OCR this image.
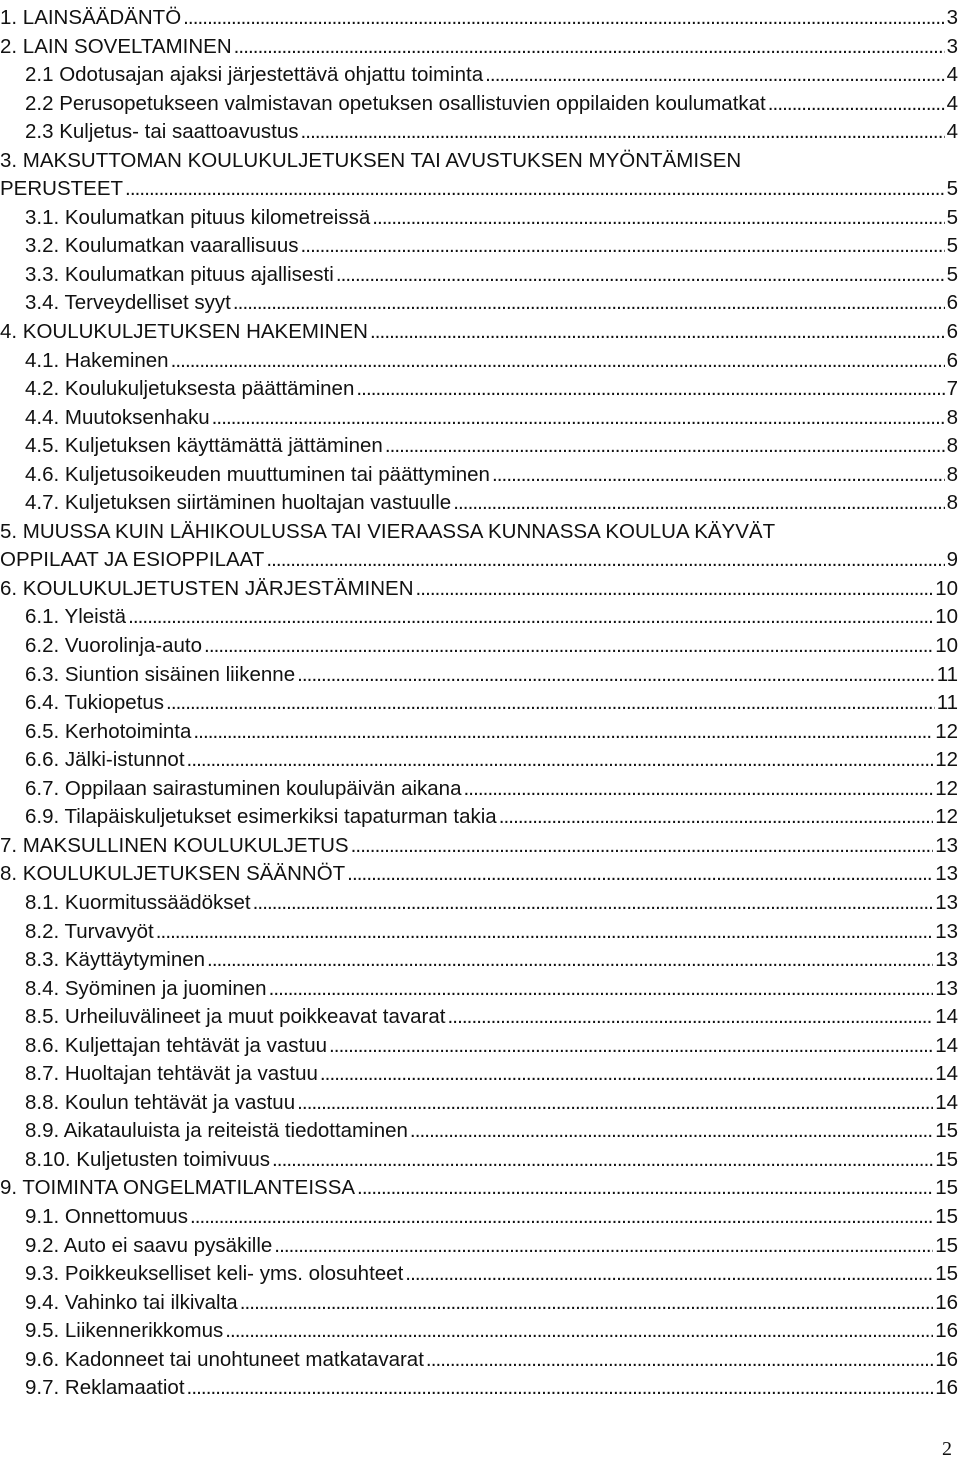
1. LAINSÄÄDÄNTÖ . . .	3
2. LAIN SOVELTAMINEN . . .	3
2.1 Odotusajan ajaksi järjestettävä ohjattu toiminta . . .	4
2.2 Perusopetukseen valmistavan opetuksen osallistuvien oppilaiden koulumatkat . . .	4
2.3 Kuljetus- tai saattoavustus . . .	4
3. MAKSUTTOMAN KOULUKULJETUKSEN TAI AVUSTUKSEN MYÖNTÄMISEN
PERUSTEET . . .	5
3.1. Koulumatkan pituus kilometreissä . . .	5
3.2. Koulumatkan vaarallisuus . . .	5
3.3. Koulumatkan pituus ajallisesti . . .	5
3.4. Terveydelliset syyt . . .	6
4. KOULUKULJETUKSEN HAKEMINEN . . .	6
4.1. Hakeminen . . .	6
4.2. Koulukuljetuksesta päättäminen . . .	7
4.4. Muutoksenhaku . . .	8
4.5. Kuljetuksen käyttämättä jättäminen . . .	8
4.6. Kuljetusoikeuden muuttuminen tai päättyminen . . .	8
4.7. Kuljetuksen siirtäminen huoltajan vastuulle . . .	8
5. MUUSSA KUIN LÄHIKOULUSSA TAI VIERAASSA KUNNASSA KOULUA KÄYVÄT
OPPILAAT JA ESIOPPILAAT . . .	9
6. KOULUKULJETUSTEN JÄRJESTÄMINEN . . .	10
6.1. Yleistä . . .	10
6.2. Vuorolinja-auto . . .	10
6.3. Siuntion sisäinen liikenne . . .	11
6.4. Tukiopetus . . .	11
6.5. Kerhotoiminta . . .	12
6.6. Jälki-istunnot . . .	12
6.7. Oppilaan sairastuminen koulupäivän aikana . . .	12
6.9. Tilapäiskuljetukset esimerkiksi tapaturman takia . . .	12
7. MAKSULLINEN KOULUKULJETUS . . .	13
8. KOULUKULJETUKSEN SÄÄNNÖT . . .	13
8.1. Kuormitussäädökset . . .	13
8.2. Turvavyöt . . .	13
8.3. Käyttäytyminen . . .	13
8.4. Syöminen ja juominen . . .	13
8.5. Urheiluvälineet ja muut poikkeavat tavarat . . .	14
8.6. Kuljettajan tehtävät ja vastuu . . .	14
8.7. Huoltajan tehtävät ja vastuu . . .	14
8.8. Koulun tehtävät ja vastuu . . .	14
8.9. Aikatauluista ja reiteistä tiedottaminen . . .	15
8.10. Kuljetusten toimivuus . . .	15
9. TOIMINTA ONGELMATILANTEISSA . . .	15
9.1. Onnettomuus . . .	15
9.2. Auto ei saavu pysäkille . . .	15
9.3. Poikkeukselliset keli- yms. olosuhteet . . .	15
9.4. Vahinko tai ilkivalta . . .	16
9.5. Liikennerikkomus . . .	16
9.6. Kadonneet tai unohtuneet matkatavarat . . .	16
9.7. Reklamaatiot . . .	16
2
